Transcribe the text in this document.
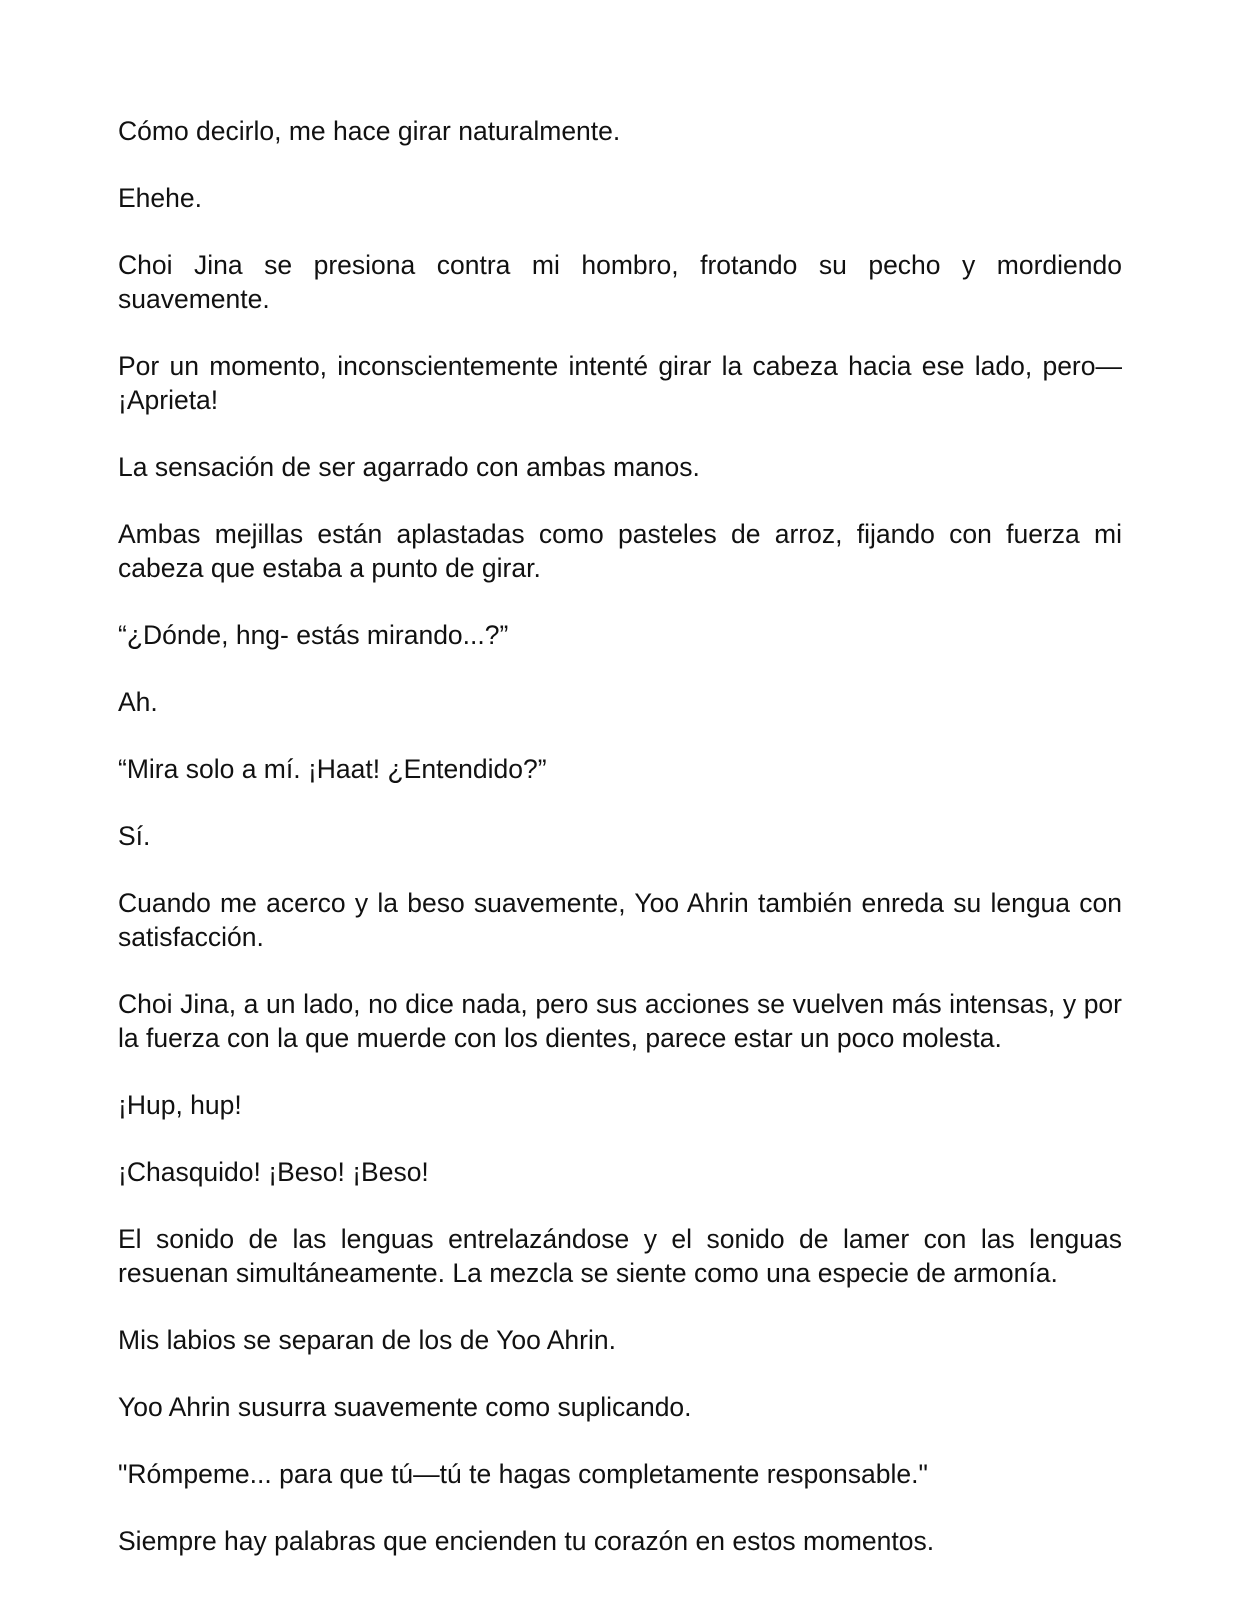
Cómo decirlo, me hace girar naturalmente.

Ehehe.

Choi Jina se presiona contra mi hombro, frotando su pecho y mordiendo suavemente.

Por un momento, inconscientemente intenté girar la cabeza hacia ese lado, pero— ¡Aprieta!

La sensación de ser agarrado con ambas manos.

Ambas mejillas están aplastadas como pasteles de arroz, fijando con fuerza mi cabeza que estaba a punto de girar.

“¿Dónde, hng- estás mirando...?”

Ah.

“Mira solo a mí. ¡Haat! ¿Entendido?”

Sí.

Cuando me acerco y la beso suavemente, Yoo Ahrin también enreda su lengua con satisfacción.

Choi Jina, a un lado, no dice nada, pero sus acciones se vuelven más intensas, y por la fuerza con la que muerde con los dientes, parece estar un poco molesta.

¡Hup, hup!

¡Chasquido! ¡Beso! ¡Beso!

El sonido de las lenguas entrelazándose y el sonido de lamer con las lenguas resuenan simultáneamente. La mezcla se siente como una especie de armonía.

Mis labios se separan de los de Yoo Ahrin.

Yoo Ahrin susurra suavemente como suplicando.

"Rómpeme... para que tú—tú te hagas completamente responsable."

Siempre hay palabras que encienden tu corazón en estos momentos.
